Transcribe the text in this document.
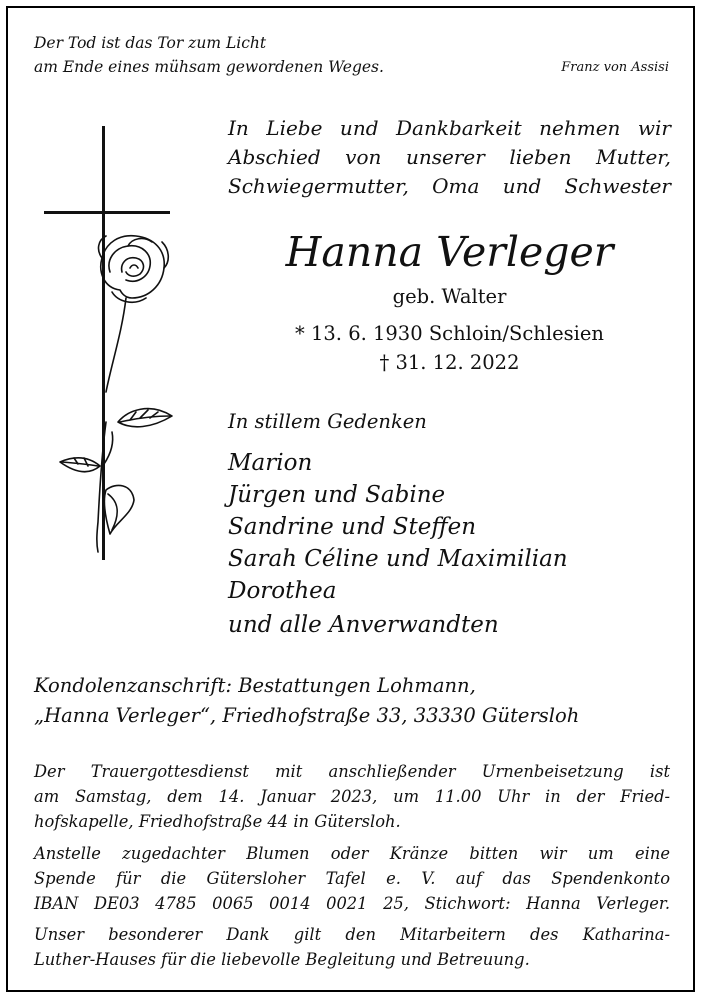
Der Tod ist das Tor zum Licht
am Ende eines mühsam gewordenen Weges.	Franz von Assisi
In Liebe und Dankbarkeit nehmen wir
Abschied von unserer lieben Mutter,
Schwiegermutter, Oma und Schwester
Hanna Verleger
geb. Walter
* 13. 6. 1930 Schloin/Schlesien
† 31. 12. 2022
In stillem Gedenken
Marion
Jürgen und Sabine
Sandrine und Steffen
Sarah Céline und Maximilian
Dorothea
und alle Anverwandten
Kondolenzanschrift: Bestattungen Lohmann,
„Hanna Verleger“, Friedhofstraße 33, 33330 Gütersloh
Der Trauergottesdienst mit anschließender Urnenbeisetzung ist
am Samstag, dem 14. Januar 2023, um 11.00 Uhr in der Fried-
hofskapelle, Friedhofstraße 44 in Gütersloh.
Anstelle zugedachter Blumen oder Kränze bitten wir um eine
Spende für die Gütersloher Tafel e. V. auf das Spendenkonto
IBAN DE03 4785 0065 0014 0021 25, Stichwort: Hanna Verleger.
Unser besonderer Dank gilt den Mitarbeitern des Katharina-
Luther-Hauses für die liebevolle Begleitung und Betreuung.
